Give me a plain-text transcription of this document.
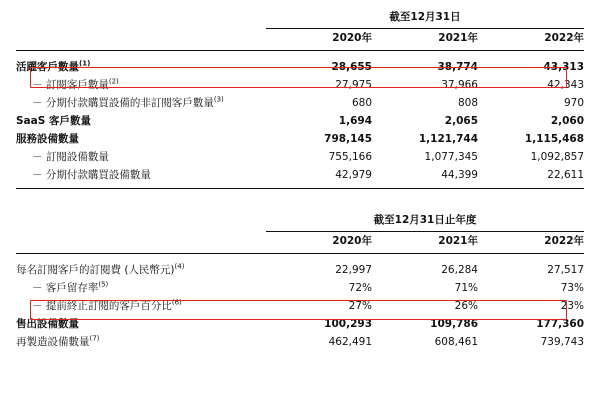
	截至12月31日		

	2020年	2021年	2022年

活躍客戶數量$^{(1)}$	28,655	38,774	43,313
－ 訂閱客戶數量$^{(2)}$	27,975	37,966	42,343
－ 分期付款購買設備的非訂閱客戶數量$^{(3)}$	680	808	970
SaaS 客戶數量	1,694	2,065	2,060
服務設備數量	798,145	1,121,744	1,115,468
－ 訂閱設備數量	755,166	1,077,345	1,092,857
－ 分期付款購買設備數量	42,979	44,399	22,611

	截至12月31日止年度		

	2020年	2021年	2022年

每名訂閱客戶的訂閱費 (人民幣元)$^{(4)}$	22,997	26,284	27,517
－ 客戶留存率$^{(5)}$	72%	71%	73%
－ 提前終止訂閱的客戶百分比$^{(6)}$	27%	26%	23%
售出設備數量	100,293	109,786	177,360
再製造設備數量$^{(7)}$	462,491	608,461	739,743
